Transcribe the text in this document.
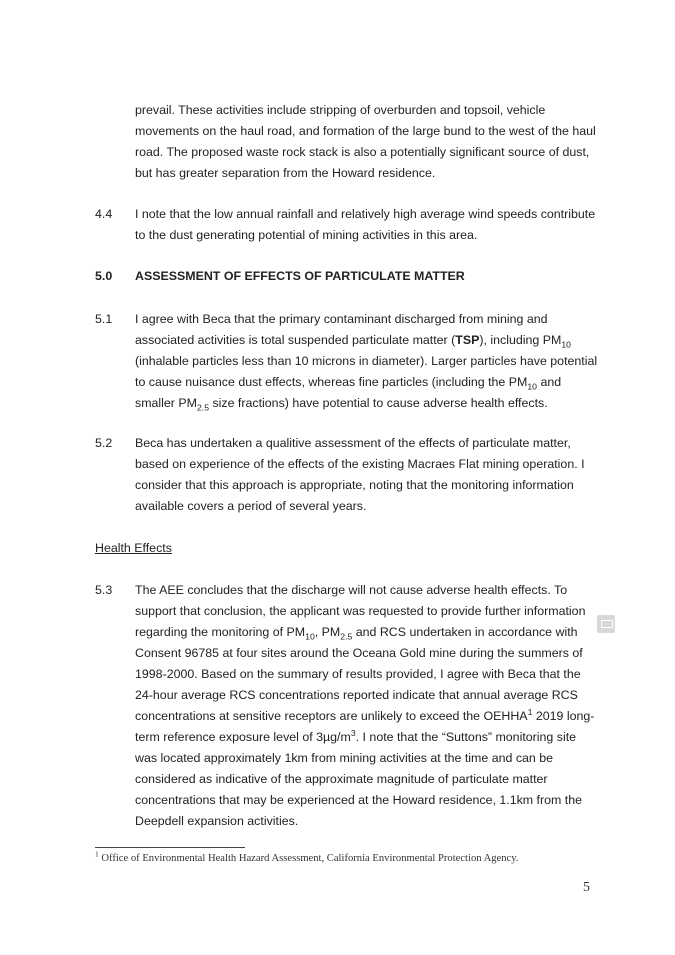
prevail. These activities include stripping of overburden and topsoil, vehicle movements on the haul road, and formation of the large bund to the west of the haul road. The proposed waste rock stack is also a potentially significant source of dust, but has greater separation from the Howard residence.

4.4 I note that the low annual rainfall and relatively high average wind speeds contribute to the dust generating potential of mining activities in this area.

5.0 ASSESSMENT OF EFFECTS OF PARTICULATE MATTER
5.1 I agree with Beca that the primary contaminant discharged from mining and associated activities is total suspended particulate matter (TSP), including $PM_{10}$ (inhalable particles less than 10 microns in diameter). Larger particles have potential to cause nuisance dust effects, whereas fine particles (including the $PM_{10}$ and smaller $PM_{2.5}$ size fractions) have potential to cause adverse health effects.

5.2 Beca has undertaken a qualitive assessment of the effects of particulate matter, based on experience of the effects of the existing Macraes Flat mining operation. I consider that this approach is appropriate, noting that the monitoring information available covers a period of several years.

Health Effects
5.3 The AEE concludes that the discharge will not cause adverse health effects. To support that conclusion, the applicant was requested to provide further information regarding the monitoring of $PM_{10}$, $PM_{2.5}$ and RCS undertaken in accordance with Consent 96785 at four sites around the Oceana Gold mine during the summers of 1998-2000. Based on the summary of results provided, I agree with Beca that the 24-hour average RCS concentrations reported indicate that annual average RCS concentrations at sensitive receptors are unlikely to exceed the OEHHA$^1$ 2019 long-term reference exposure level of $3\mu g/m^3$. I note that the “Suttons” monitoring site was located approximately 1km from mining activities at the time and can be considered as indicative of the approximate magnitude of particulate matter concentrations that may be experienced at the Howard residence, 1.1km from the Deepdell expansion activities.

$^1$ Office of Environmental Health Hazard Assessment, California Environmental Protection Agency.
5
